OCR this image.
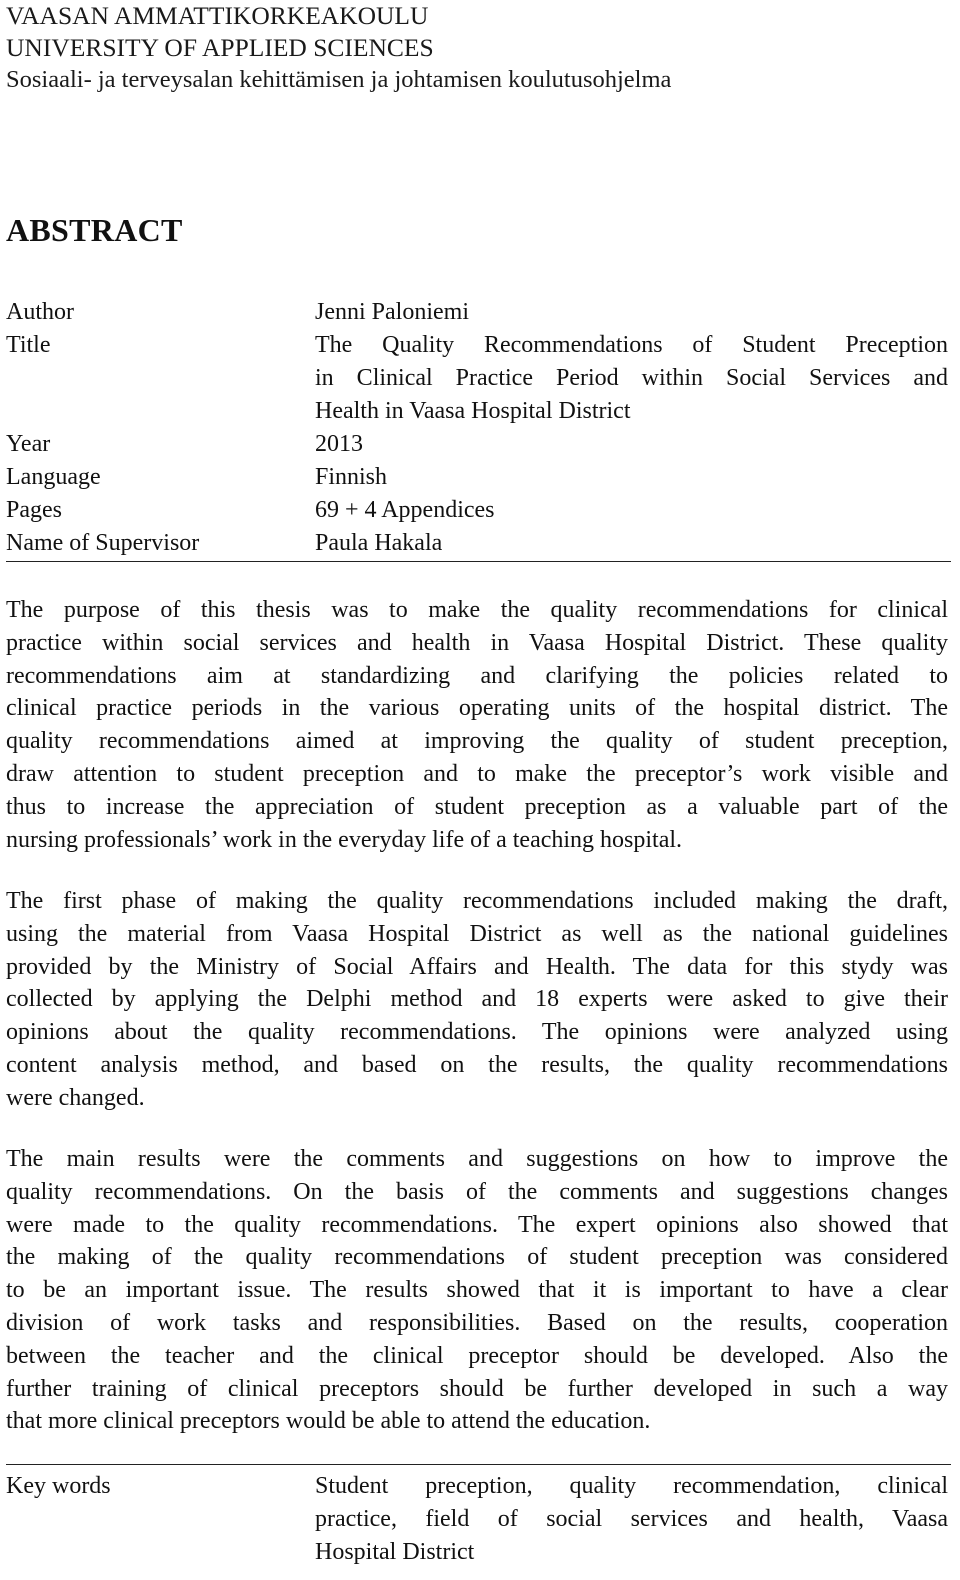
VAASAN AMMATTIKORKEAKOULU
UNIVERSITY OF APPLIED SCIENCES
Sosiaali- ja terveysalan kehittämisen ja johtamisen koulutusohjelma
ABSTRACT
Author	Jenni Paloniemi
Title	The Quality Recommendations of Student Preception
in Clinical Practice Period within Social Services and
Health in Vaasa Hospital District
Year	2013
Language	Finnish
Pages	69 + 4 Appendices
Name of Supervisor	Paula Hakala

The purpose of this thesis was to make the quality recommendations for clinical
practice within social services and health in Vaasa Hospital District. These quality
recommendations aim at standardizing and clarifying the policies related to
clinical practice periods in the various operating units of the hospital district. The
quality recommendations aimed at improving the quality of student preception,
draw attention to student preception and to make the preceptor’s work visible and
thus to increase the appreciation of student preception as a valuable part of the
nursing professionals’ work in the everyday life of a teaching hospital.

The first phase of making the quality recommendations included making the draft,
using the material from Vaasa Hospital District as well as the national guidelines
provided by the Ministry of Social Affairs and Health. The data for this stydy was
collected by applying the Delphi method and 18 experts were asked to give their
opinions about the quality recommendations. The opinions were analyzed using
content analysis method, and based on the results, the quality recommendations
were changed.

The main results were the comments and suggestions on how to improve the
quality recommendations. On the basis of the comments and suggestions changes
were made to the quality recommendations. The expert opinions also showed that
the making of the quality recommendations of student preception was considered
to be an important issue. The results showed that it is important to have a clear
division of work tasks and responsibilities. Based on the results, cooperation
between the teacher and the clinical preceptor should be developed. Also the
further training of clinical preceptors should be further developed in such a way
that more clinical preceptors would be able to attend the education.

Key words	Student preception, quality recommendation, clinical
practice, field of social services and health, Vaasa
Hospital District
